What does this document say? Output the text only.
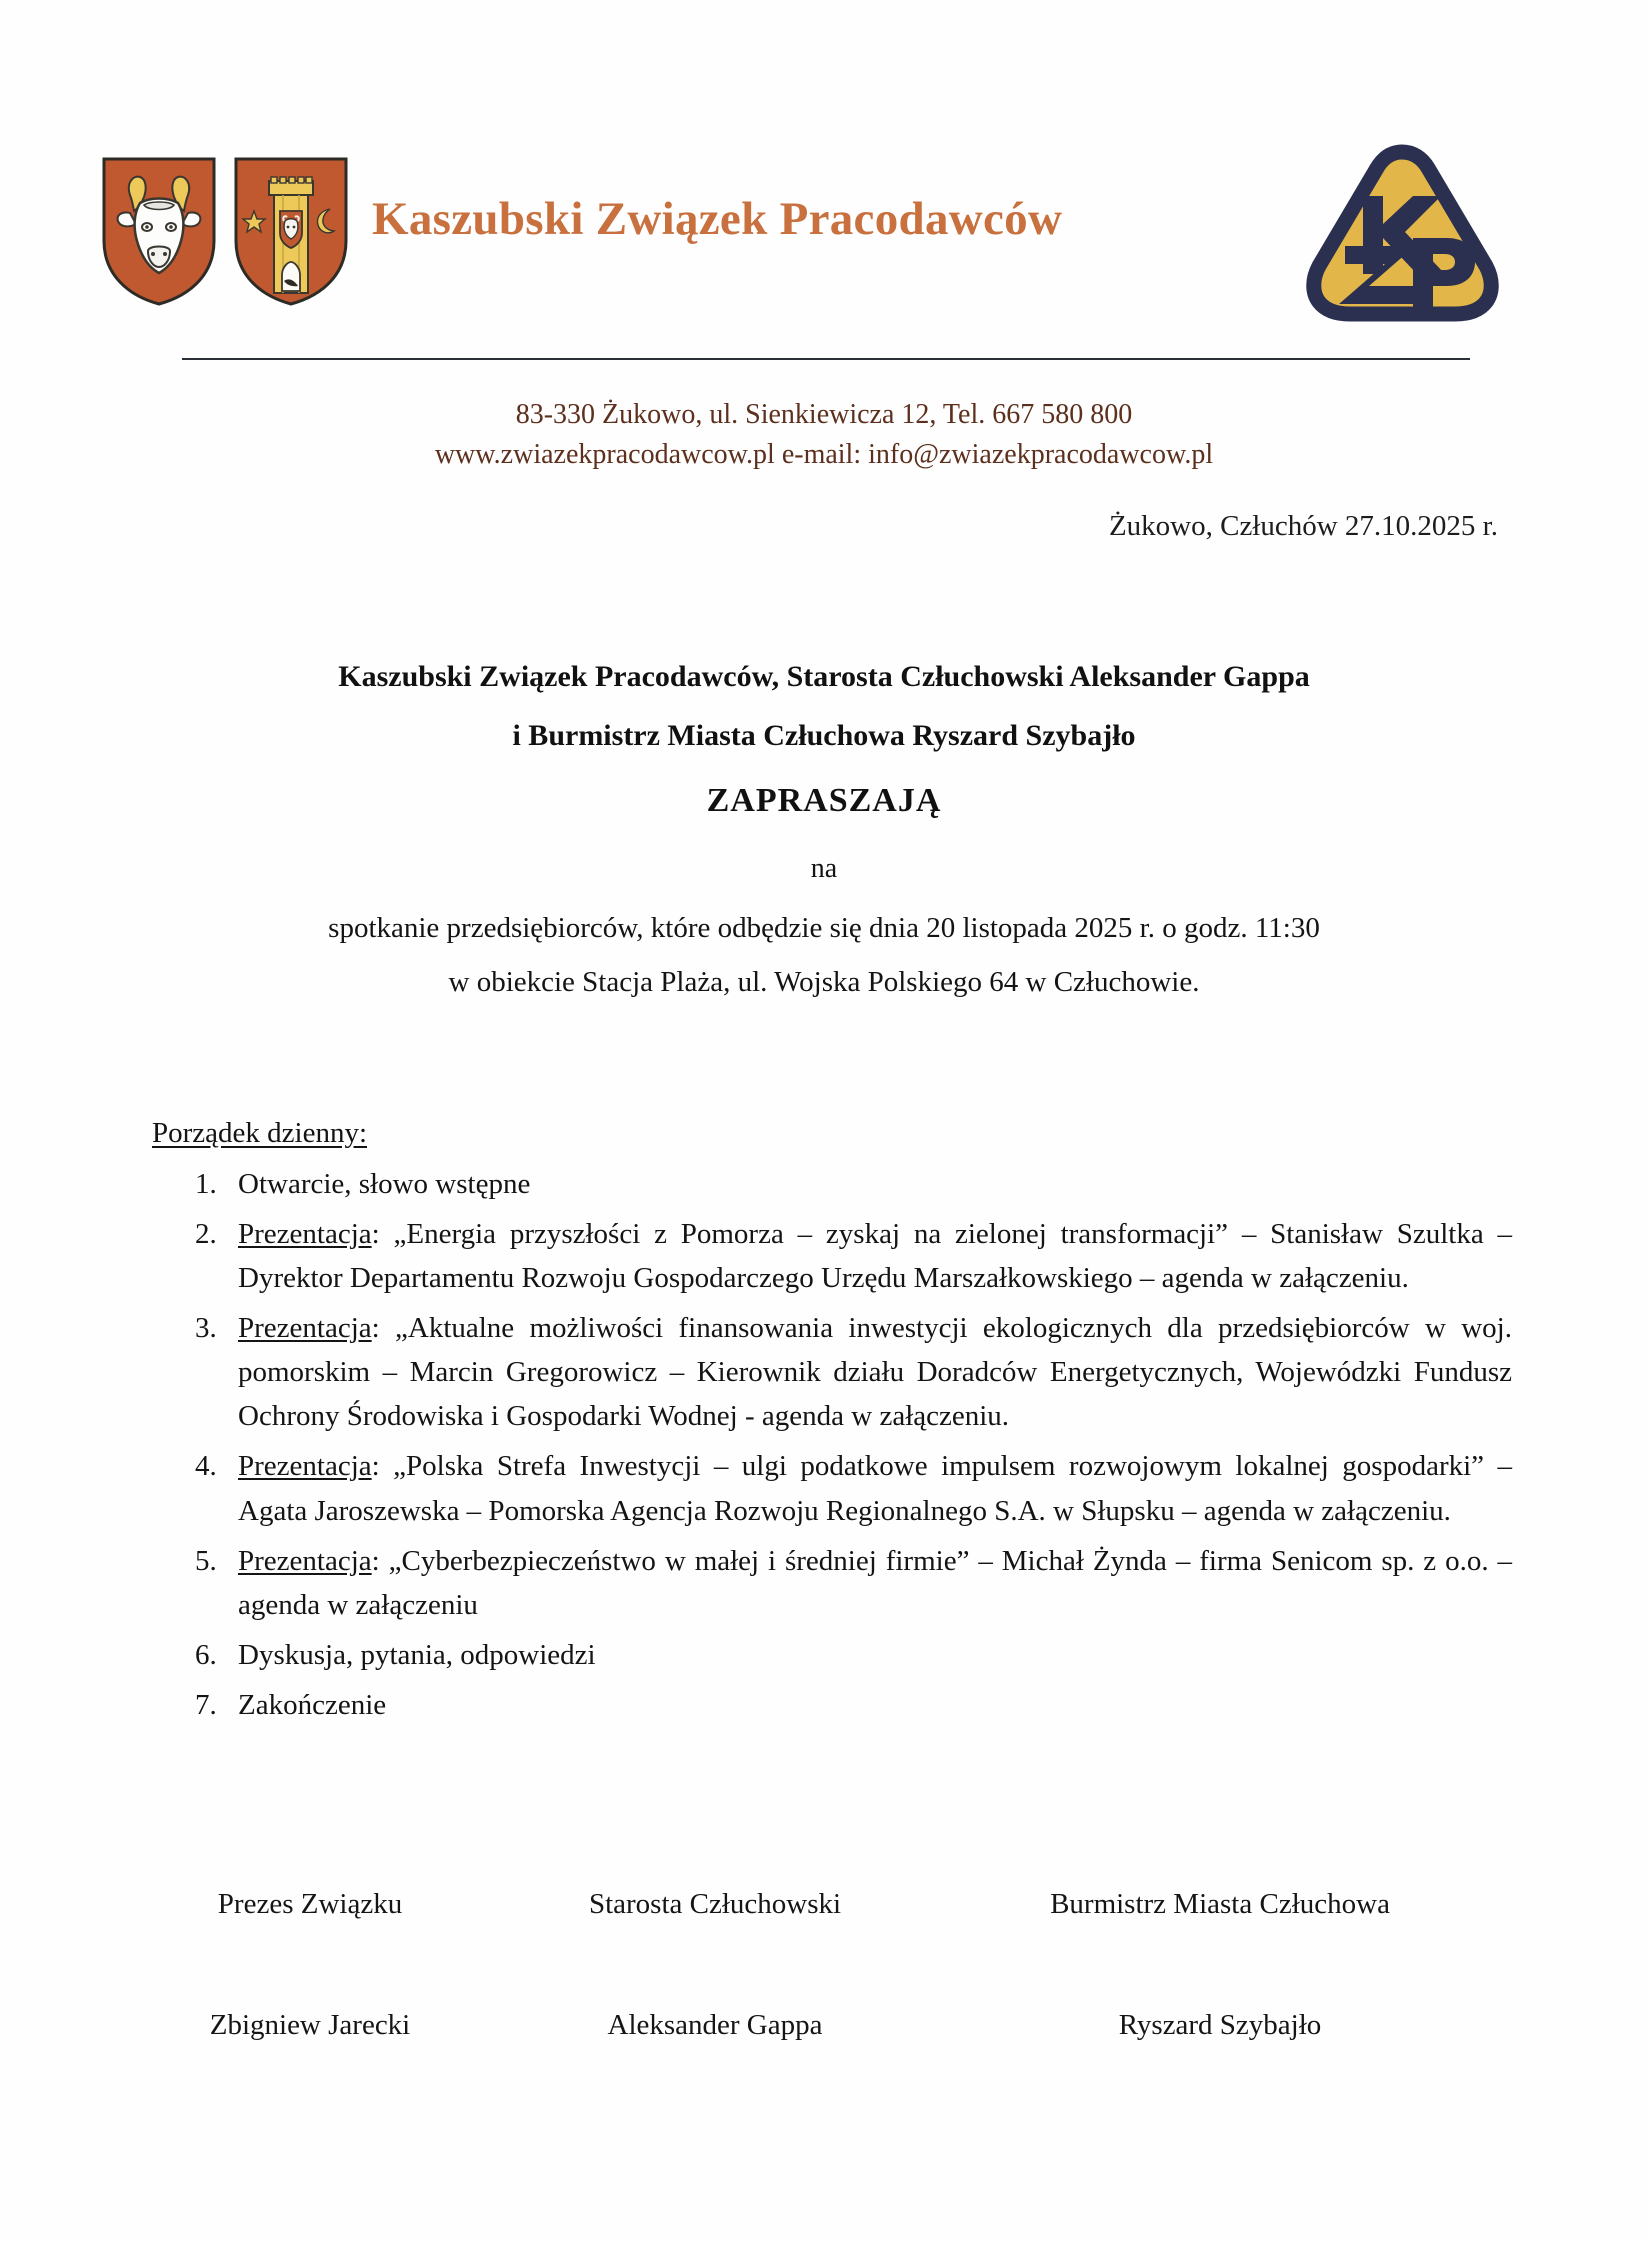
Kaszubski Związek Pracodawców
83-330 Żukowo, ul. Sienkiewicza 12, Tel. 667 580 800
www.zwiazekpracodawcow.pl e-mail: info@zwiazekpracodawcow.pl
Żukowo, Człuchów 27.10.2025 r.
Kaszubski Związek Pracodawców, Starosta Człuchowski Aleksander Gappa
i Burmistrz Miasta Człuchowa Ryszard Szybajło
ZAPRASZAJĄ
na
spotkanie przedsiębiorców, które odbędzie się dnia 20 listopada 2025 r. o godz. 11:30
w obiekcie Stacja Plaża, ul. Wojska Polskiego 64 w Człuchowie.
Porządek dzienny:
1. Otwarcie, słowo wstępne
2. Prezentacja: „Energia przyszłości z Pomorza – zyskaj na zielonej transformacji” – Stanisław Szultka – Dyrektor Departamentu Rozwoju Gospodarczego Urzędu Marszałkowskiego – agenda w załączeniu.
3. Prezentacja: „Aktualne możliwości finansowania inwestycji ekologicznych dla przedsiębiorców w woj. pomorskim – Marcin Gregorowicz – Kierownik działu Doradców Energetycznych, Wojewódzki Fundusz Ochrony Środowiska i Gospodarki Wodnej - agenda w załączeniu.
4. Prezentacja: „Polska Strefa Inwestycji – ulgi podatkowe impulsem rozwojowym lokalnej gospodarki” – Agata Jaroszewska – Pomorska Agencja Rozwoju Regionalnego S.A. w Słupsku – agenda w załączeniu.
5. Prezentacja: „Cyberbezpieczeństwo w małej i średniej firmie” – Michał Żynda – firma Senicom sp. z o.o. – agenda w załączeniu
6. Dyskusja, pytania, odpowiedzi
7. Zakończenie
Prezes Związku
Zbigniew Jarecki
Starosta Człuchowski
Aleksander Gappa
Burmistrz Miasta Człuchowa
Ryszard Szybajło
